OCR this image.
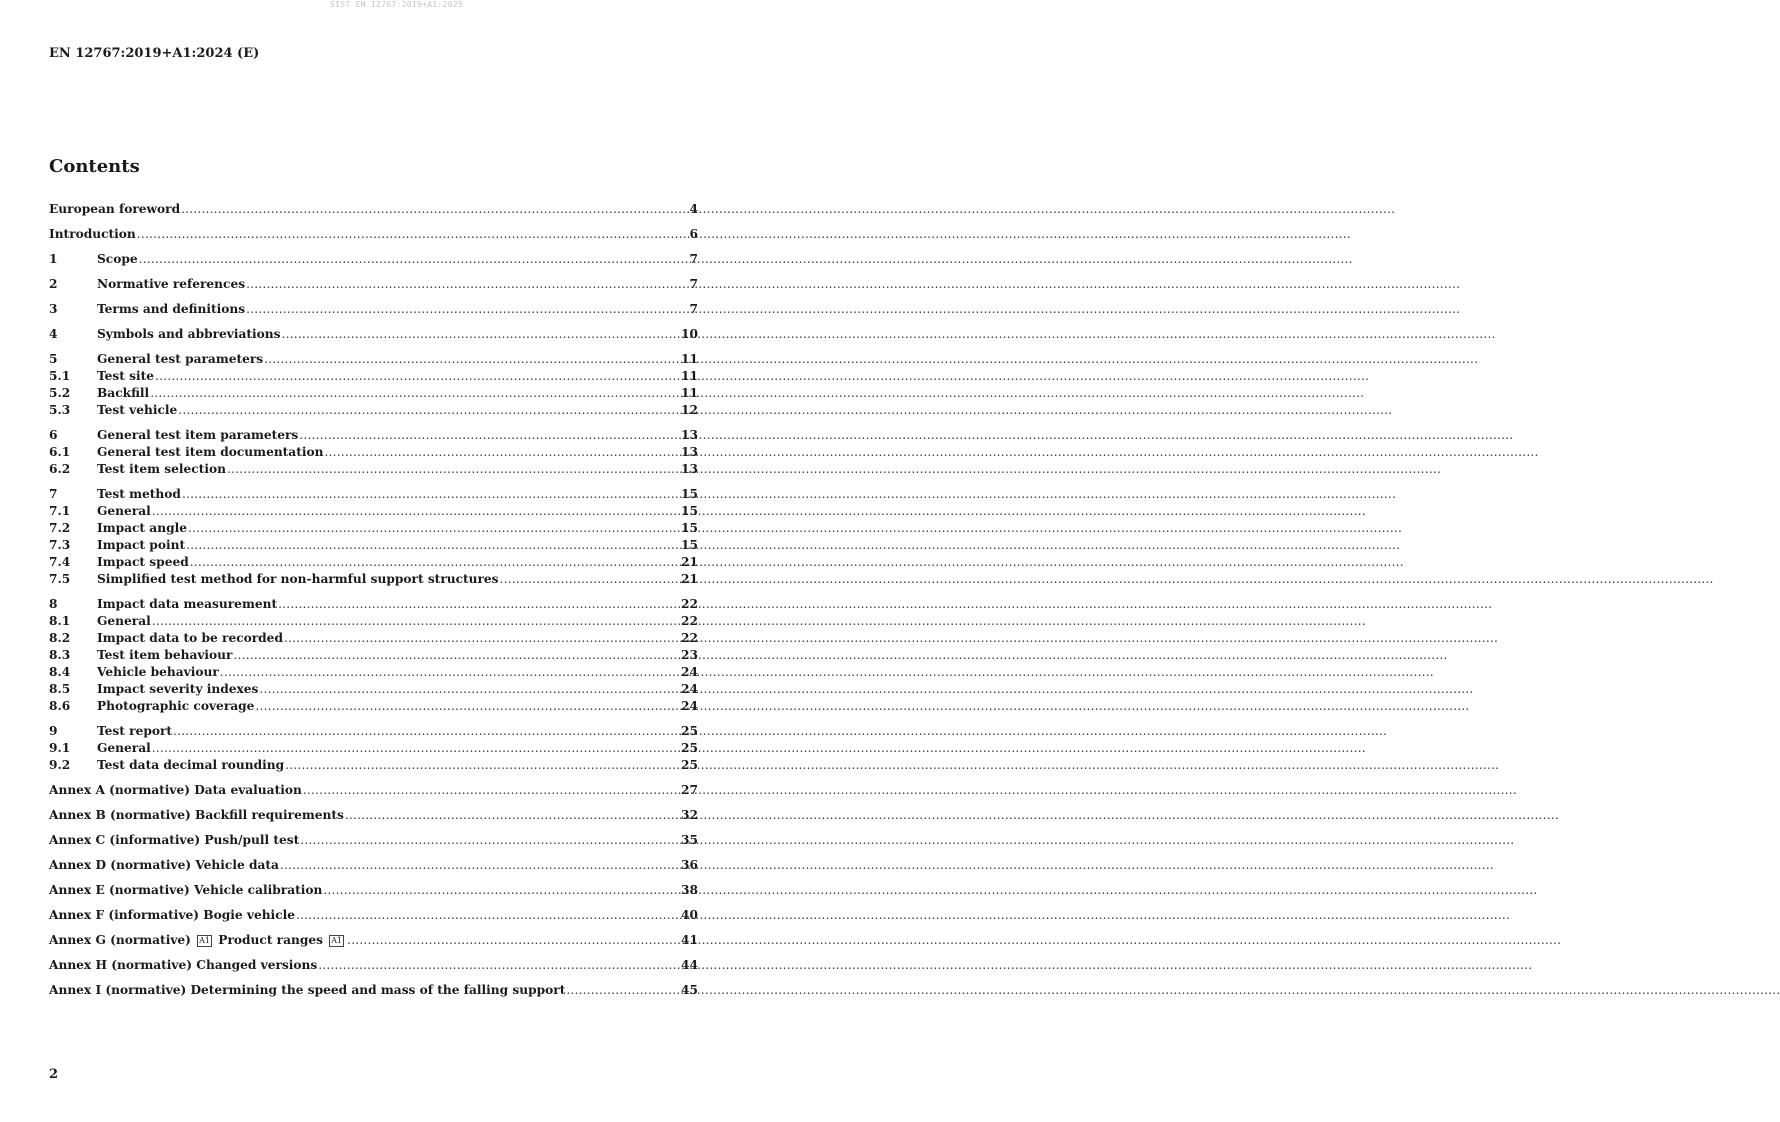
SIST EN 12767:2019+A1:2025
EN 12767:2019+A1:2024 (E)
Contents
European foreword .....	4
Introduction .....	6
1	Scope .....	7
2	Normative references .....	7
3	Terms and definitions .....	7
4	Symbols and abbreviations .....	10
5	General test parameters .....	11
5.1	Test site .....	11
5.2	Backfill .....	11
5.3	Test vehicle .....	12
6	General test item parameters .....	13
6.1	General test item documentation .....	13
6.2	Test item selection .....	13
7	Test method .....	15
7.1	General .....	15
7.2	Impact angle .....	15
7.3	Impact point .....	15
7.4	Impact speed .....	21
7.5	Simplified test method for non-harmful support structures .....	21
8	Impact data measurement .....	22
8.1	General .....	22
8.2	Impact data to be recorded .....	22
8.3	Test item behaviour .....	23
8.4	Vehicle behaviour .....	24
8.5	Impact severity indexes .....	24
8.6	Photographic coverage .....	24
9	Test report .....	25
9.1	General .....	25
9.2	Test data decimal rounding .....	25
Annex A (normative) Data evaluation .....	27
Annex B (normative) Backfill requirements .....	32
Annex C (informative) Push/pull test .....	35
Annex D (normative) Vehicle data .....	36
Annex E (normative) Vehicle calibration .....	38
Annex F (informative) Bogie vehicle .....	40
Annex G (normative) A1 Product ranges A1 .....	41
Annex H (normative) Changed versions .....	44
Annex I (normative) Determining the speed and mass of the falling support .....	45
2
